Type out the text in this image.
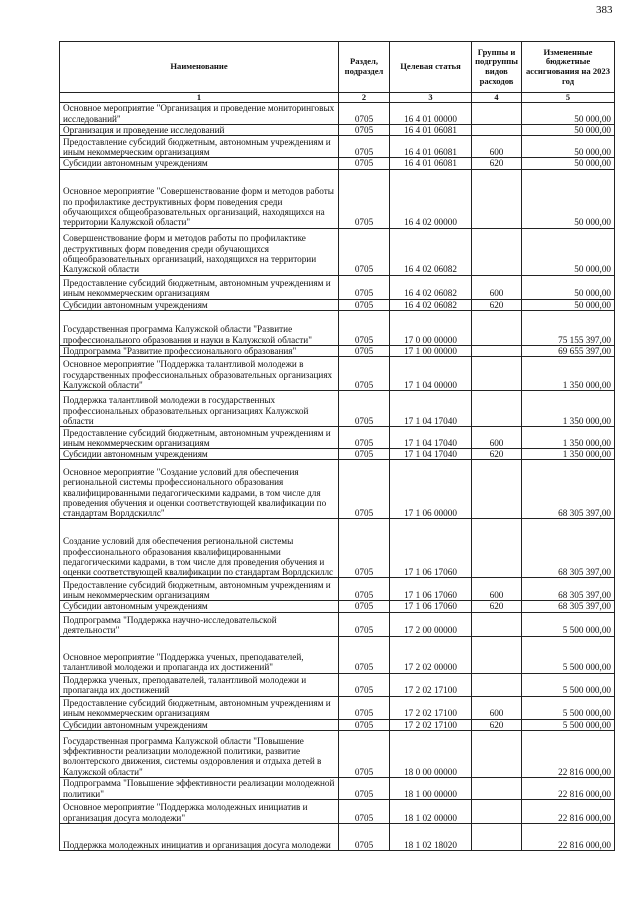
383
Наименование	Раздел, подраздел	Целевая статья	Группы и подгруппы видов расходов	Измененные бюджетные ассигнования на 2023 год
1	2	3	4	5
Основное мероприятие "Организация и проведение мониторинговых исследований"	0705	16 4 01 00000		50 000,00
Организация и проведение исследований	0705	16 4 01 06081		50 000,00
Предоставление субсидий бюджетным, автономным учреждениям и иным некоммерческим организациям	0705	16 4 01 06081	600	50 000,00
Субсидии автономным учреждениям	0705	16 4 01 06081	620	50 000,00
Основное мероприятие "Совершенствование форм и методов работы по профилактике деструктивных форм поведения среди обучающихся общеобразовательных организаций, находящихся на территории Калужской области"	0705	16 4 02 00000		50 000,00
Совершенствование форм и методов работы по профилактике деструктивных форм поведения среди обучающихся общеобразовательных организаций, находящихся на территории Калужской области	0705	16 4 02 06082		50 000,00
Предоставление субсидий бюджетным, автономным учреждениям и иным некоммерческим организациям	0705	16 4 02 06082	600	50 000,00
Субсидии автономным учреждениям	0705	16 4 02 06082	620	50 000,00
Государственная программа Калужской области "Развитие профессионального образования и науки в Калужской области"	0705	17 0 00 00000		75 155 397,00
Подпрограмма "Развитие профессионального образования"	0705	17 1 00 00000		69 655 397,00
Основное мероприятие "Поддержка талантливой молодежи в государственных профессиональных образовательных организациях Калужской области"	0705	17 1 04 00000		1 350 000,00
Поддержка талантливой молодежи в государственных профессиональных образовательных организациях Калужской области	0705	17 1 04 17040		1 350 000,00
Предоставление субсидий бюджетным, автономным учреждениям и иным некоммерческим организациям	0705	17 1 04 17040	600	1 350 000,00
Субсидии автономным учреждениям	0705	17 1 04 17040	620	1 350 000,00
Основное мероприятие "Создание условий для обеспечения региональной системы профессионального образования квалифицированными педагогическими кадрами, в том числе для проведения обучения и оценки соответствующей квалификации по стандартам Ворлдскиллс"	0705	17 1 06 00000		68 305 397,00
Создание условий для обеспечения региональной системы профессионального образования квалифицированными педагогическими кадрами, в том числе для проведения обучения и оценки соответствующей квалификации по стандартам Ворлдскиллс	0705	17 1 06 17060		68 305 397,00
Предоставление субсидий бюджетным, автономным учреждениям и иным некоммерческим организациям	0705	17 1 06 17060	600	68 305 397,00
Субсидии автономным учреждениям	0705	17 1 06 17060	620	68 305 397,00
Подпрограмма "Поддержка научно-исследовательской деятельности"	0705	17 2 00 00000		5 500 000,00
Основное мероприятие "Поддержка ученых, преподавателей, талантливой молодежи и пропаганда их достижений"	0705	17 2 02 00000		5 500 000,00
Поддержка ученых, преподавателей, талантливой молодежи и пропаганда их достижений	0705	17 2 02 17100		5 500 000,00
Предоставление субсидий бюджетным, автономным учреждениям и иным некоммерческим организациям	0705	17 2 02 17100	600	5 500 000,00
Субсидии автономным учреждениям	0705	17 2 02 17100	620	5 500 000,00
Государственная программа Калужской области "Повышение эффективности реализации молодежной политики, развитие волонтерского движения, системы оздоровления и отдыха детей в Калужской области"	0705	18 0 00 00000		22 816 000,00
Подпрограмма "Повышение эффективности реализации молодежной политики"	0705	18 1 00 00000		22 816 000,00
Основное мероприятие "Поддержка молодежных инициатив и организация досуга молодежи"	0705	18 1 02 00000		22 816 000,00
Поддержка молодежных инициатив и организация досуга молодежи	0705	18 1 02 18020		22 816 000,00
